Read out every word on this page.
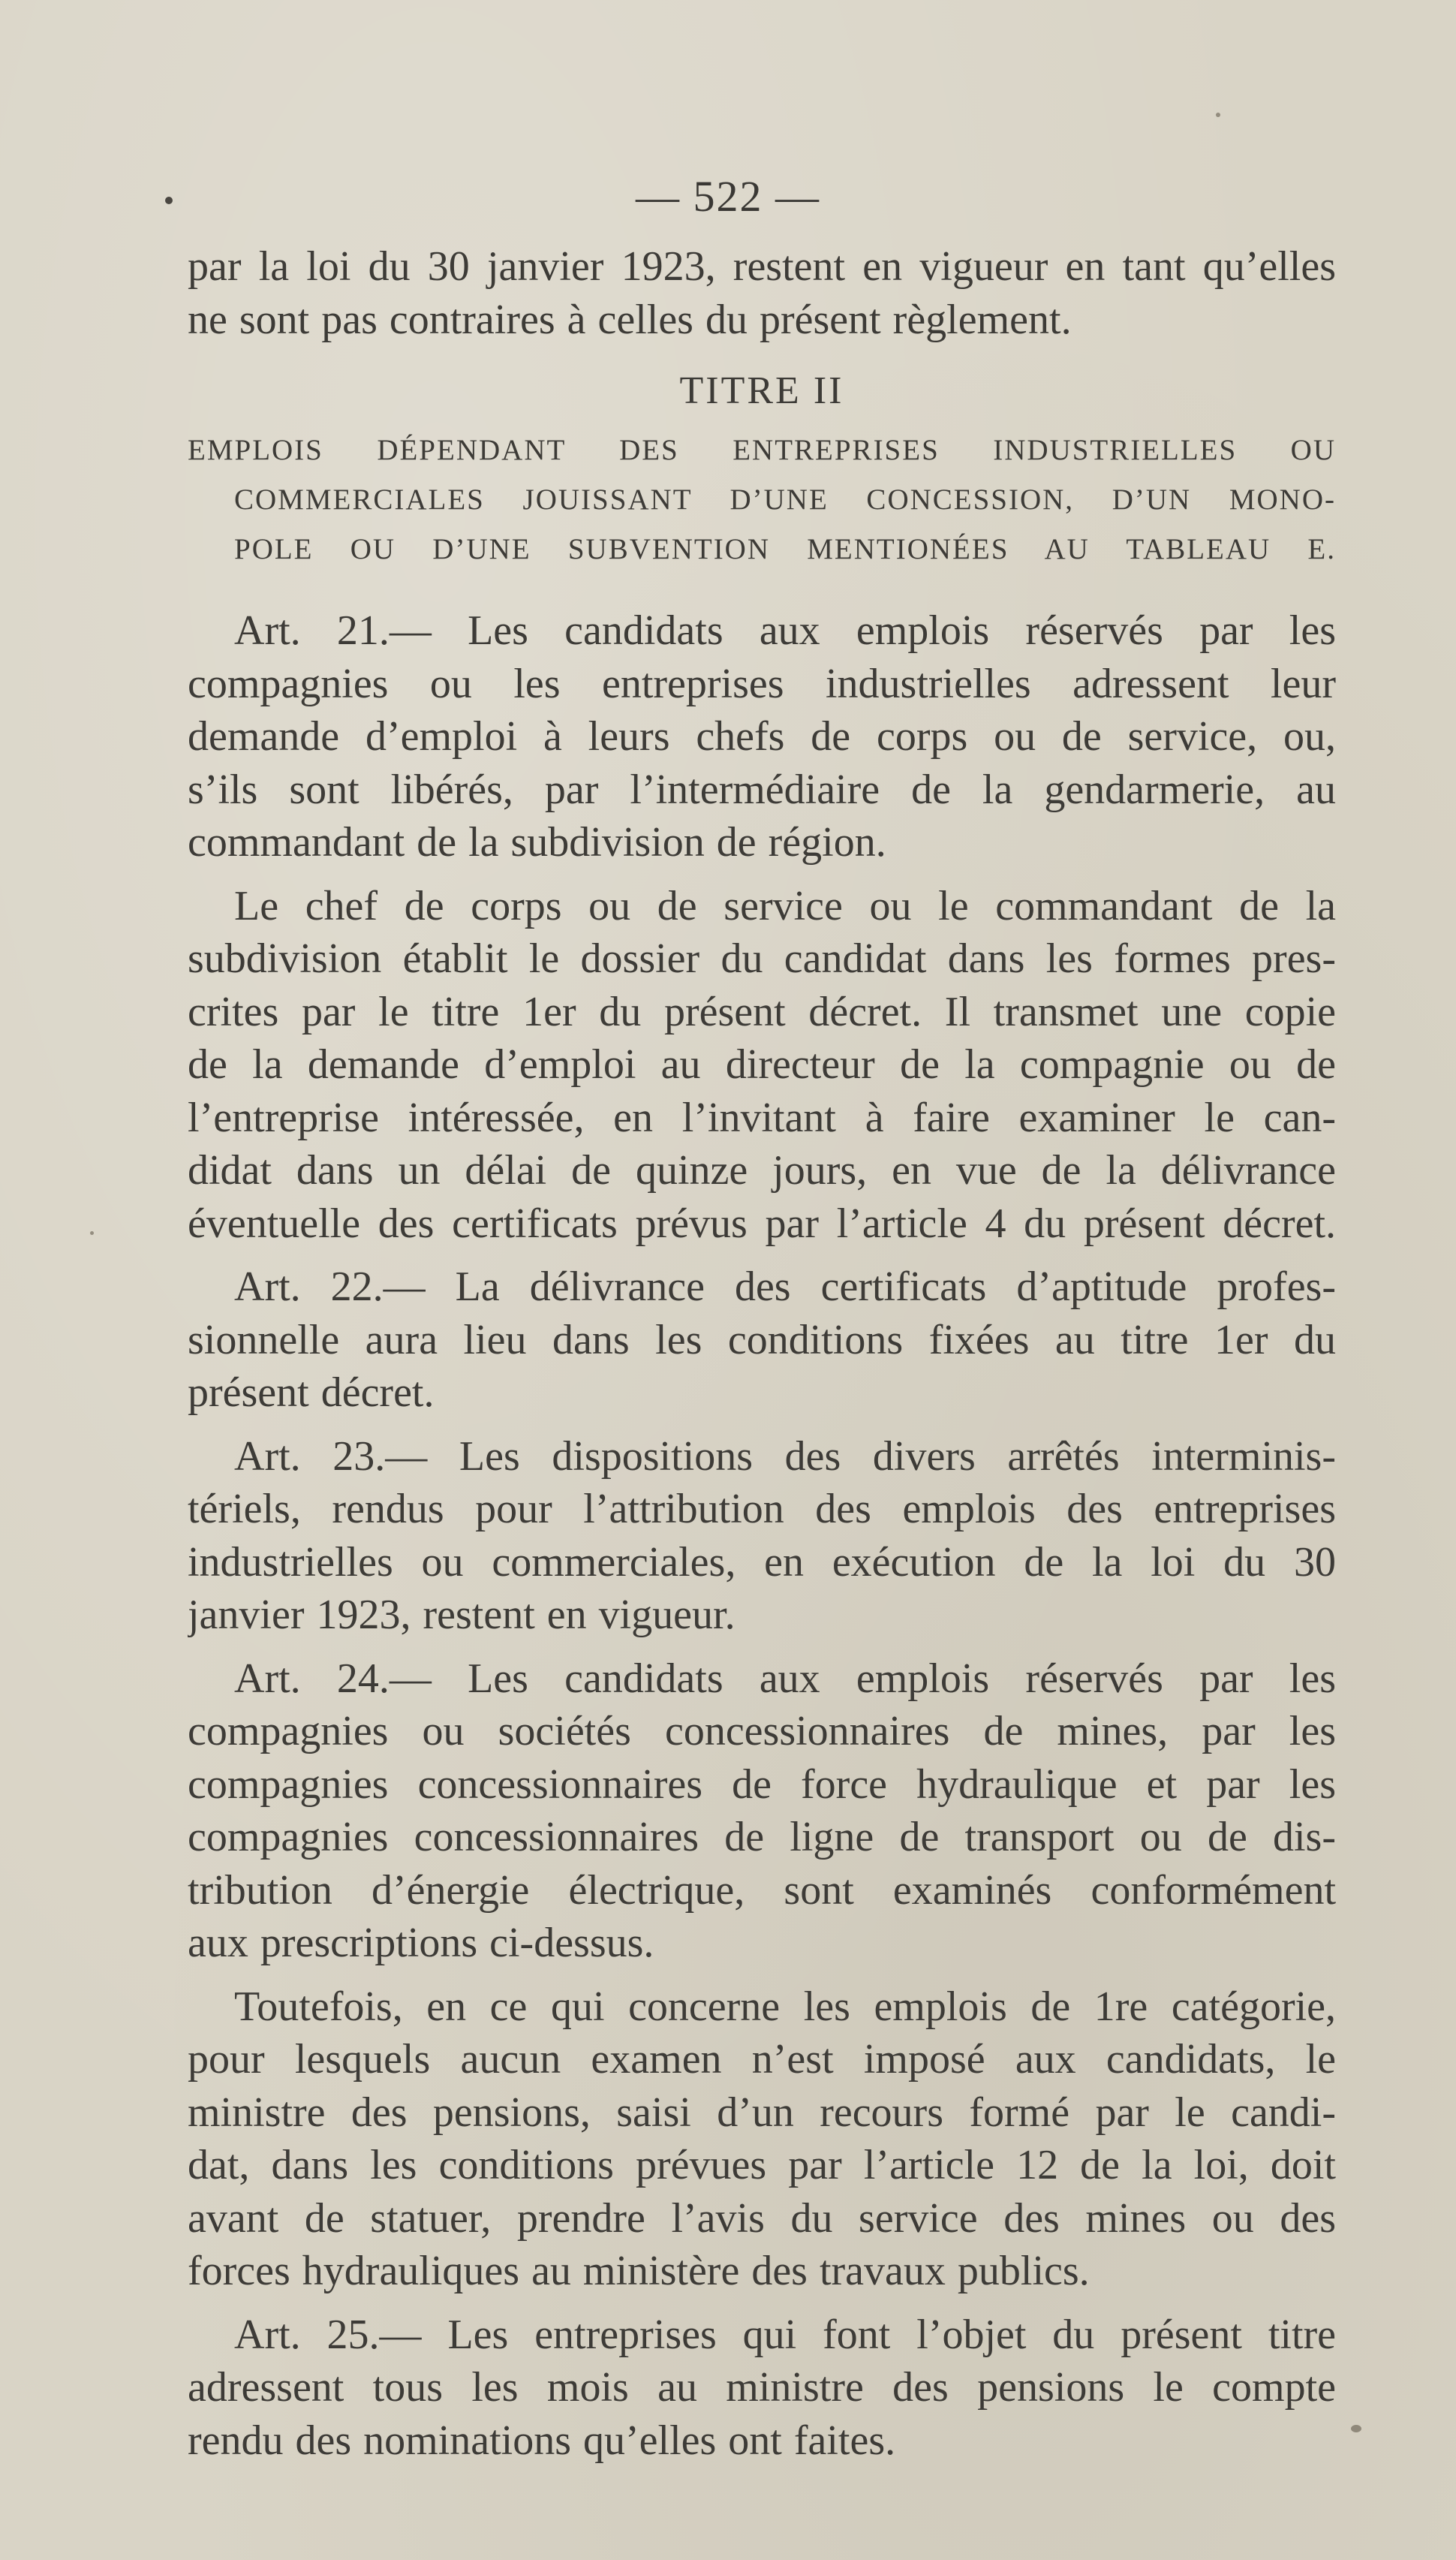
— 522 —
par la loi du 30 janvier 1923, restent en vigueur en tant qu’elles
ne sont pas contraires à celles du présent règlement.
TITRE II
EMPLOIS DÉPENDANT DES ENTREPRISES INDUSTRIELLES OU
COMMERCIALES JOUISSANT D’UNE CONCESSION, D’UN MONO-
POLE OU D’UNE SUBVENTION MENTIONÉES AU TABLEAU E.
Art. 21.— Les candidats aux emplois réservés par les
compagnies ou les entreprises industrielles adressent leur
demande d’emploi à leurs chefs de corps ou de service, ou,
s’ils sont libérés, par l’intermédiaire de la gendarmerie, au
commandant de la subdivision de région.
Le chef de corps ou de service ou le commandant de la
subdivision établit le dossier du candidat dans les formes pres-
crites par le titre 1er du présent décret. Il transmet une copie
de la demande d’emploi au directeur de la compagnie ou de
l’entreprise intéressée, en l’invitant à faire examiner le can-
didat dans un délai de quinze jours, en vue de la délivrance
éventuelle des certificats prévus par l’article 4 du présent décret.
Art. 22.— La délivrance des certificats d’aptitude profes-
sionnelle aura lieu dans les conditions fixées au titre 1er du
présent décret.
Art. 23.— Les dispositions des divers arrêtés interminis-
tériels, rendus pour l’attribution des emplois des entreprises
industrielles ou commerciales, en exécution de la loi du 30
janvier 1923, restent en vigueur.
Art. 24.— Les candidats aux emplois réservés par les
compagnies ou sociétés concessionnaires de mines, par les
compagnies concessionnaires de force hydraulique et par les
compagnies concessionnaires de ligne de transport ou de dis-
tribution d’énergie électrique, sont examinés conformément
aux prescriptions ci-dessus.
Toutefois, en ce qui concerne les emplois de 1re catégorie,
pour lesquels aucun examen n’est imposé aux candidats, le
ministre des pensions, saisi d’un recours formé par le candi-
dat, dans les conditions prévues par l’article 12 de la loi, doit
avant de statuer, prendre l’avis du service des mines ou des
forces hydrauliques au ministère des travaux publics.
Art. 25.— Les entreprises qui font l’objet du présent titre
adressent tous les mois au ministre des pensions le compte
rendu des nominations qu’elles ont faites.
